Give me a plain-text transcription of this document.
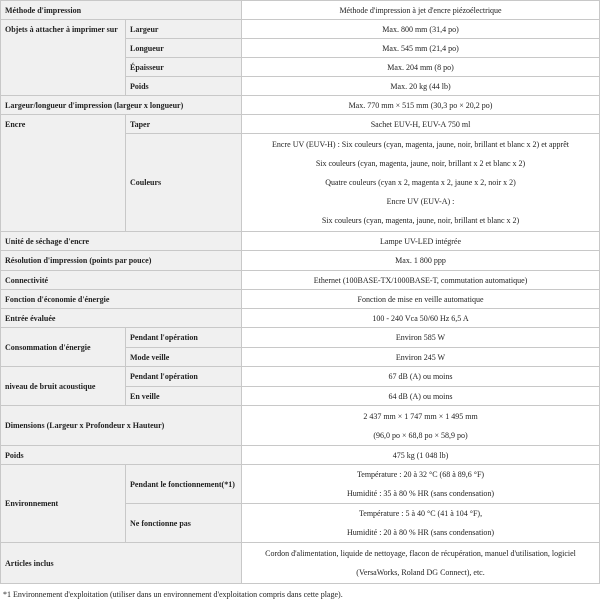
Méthode d'impression		Méthode d'impression à jet d'encre piézoélectrique
Objets à attacher à imprimer sur	Largeur	Max. 800 mm (31,4 po)
	Longueur	Max. 545 mm (21,4 po)
	Épaisseur	Max. 204 mm (8 po)
	Poids	Max. 20 kg (44 lb)
Largeur/longueur d'impression (largeur x longueur)		Max. 770 mm × 515 mm (30,3 po × 20,2 po)
Encre	Taper	Sachet EUV-H, EUV-A 750 ml
	Couleurs	Encre UV (EUV-H) : Six couleurs (cyan, magenta, jaune, noir, brillant et blanc x 2) et apprêt
Six couleurs (cyan, magenta, jaune, noir, brillant x 2 et blanc x 2)
Quatre couleurs (cyan x 2, magenta x 2, jaune x 2, noir x 2)
Encre UV (EUV-A) :
Six couleurs (cyan, magenta, jaune, noir, brillant et blanc x 2)

Unité de séchage d'encre		Lampe UV-LED intégrée
Résolution d'impression (points par pouce)		Max. 1 800 ppp
Connectivité		Ethernet (100BASE-TX/1000BASE-T, commutation automatique)
Fonction d'économie d'énergie		Fonction de mise en veille automatique
Entrée évaluée		100 - 240 Vca 50/60 Hz 6,5 A
Consommation d'énergie	Pendant l'opération	Environ 585 W
	Mode veille	Environ 245 W
niveau de bruit acoustique	Pendant l'opération	67 dB (A) ou moins
	En veille	64 dB (A) ou moins
Dimensions (Largeur x Profondeur x Hauteur)		2 437 mm × 1 747 mm × 1 495 mm
(96,0 po × 68,8 po × 58,9 po)

Poids		475 kg (1 048 lb)
Environnement	Pendant le fonctionnement(*1)	Température : 20 à 32 °C (68 à 89,6 °F)
Humidité : 35 à 80 % HR (sans condensation)

	Ne fonctionne pas	Température : 5 à 40 °C (41 à 104 °F),
Humidité : 20 à 80 % HR (sans condensation)

Articles inclus		Cordon d'alimentation, liquide de nettoyage, flacon de récupération, manuel d'utilisation, logiciel
(VersaWorks, Roland DG Connect), etc.
*1 Environnement d'exploitation (utiliser dans un environnement d'exploitation compris dans cette plage).
